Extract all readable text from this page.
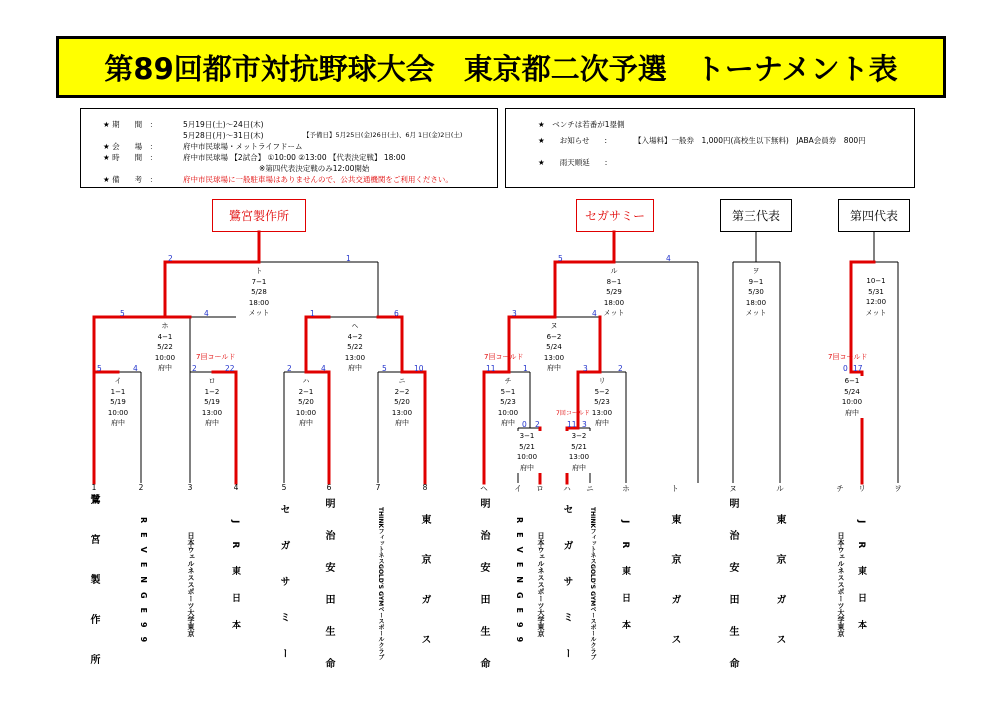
第89回都市対抗野球大会　東京都二次予選　トーナメント表
★ 期　　間　：	5月19日(土)〜24日(木)
5月28日(月)〜31日(木)	【予備日】5月25日(金)26日(土)、6月 1日(金)2日(土)
★ 会　　場　：	府中市民球場・メットライフドーム
★ 時　　間　：	府中市民球場 【2試合】 ①10:00 ②13:00 【代表決定戦】 18:00
※第四代表決定戦のみ12:00開始
★ 備　　考　：	府中市民球場に一般駐車場はありませんので、公共交通機関をご利用ください。
★　ベンチは若番が1塁側
★　　お知らせ　　:	【入場料】一般券　1,000円(高校生以下無料)　JABA会員券　800円
★　　雨天順延　　:
鷺宮製作所	セガサミー	第三代表	第四代表
ト
7−1
5/28
18:00
メット
ホ
4−1
5/22
10:00
府中
ヘ
4−2
5/22
13:00
府中
イ
1−1
5/19
10:00
府中
ロ
1−2
5/19
13:00
府中
ハ
2−1
5/20
10:00
府中
ニ
2−2
5/20
13:00
府中
ル
8−1
5/29
18:00
メット
ヌ
6−2
5/24
13:00
府中
チ
5−1
5/23
10:00
府中
リ
5−2
5/23
13:00
府中
3−1
5/21
10:00
府中
3−2
5/21
13:00
府中
ヲ
9−1
5/30
18:00
メット
10−1
5/31
12:00
メット
6−1
5/24
10:00
府中
2	1
5	4	1	6
5	4	2	22	2	4	5	10
5	4
3	4
11	1	3	2
0 2	11 3
0 17
7回コールド	7回コールド
7回コールド
7回コールド
1	2	3	4	5	6	7	8	ヘ	イ	ロ	ハ	ニ	ホ	ト	ヌ	ル	チ	リ	ヲ
鷺宮製作所	REVENGE99	日本ウェルネススポーツ大学東京	JR東日本	セガサミー	明治安田生命	THINKフィットネスGOLD'S GYMベースボールクラブ	東京ガス	明治安田生命	REVENGE99 日本ウェルネススポーツ大学東京 セガサミー	THINKフィットネスGOLD'S GYMベースボールクラブ	JR東日本	東京ガス	明治安田生命	東京ガス	日本ウェルネススポーツ大学東京 JR東日本
